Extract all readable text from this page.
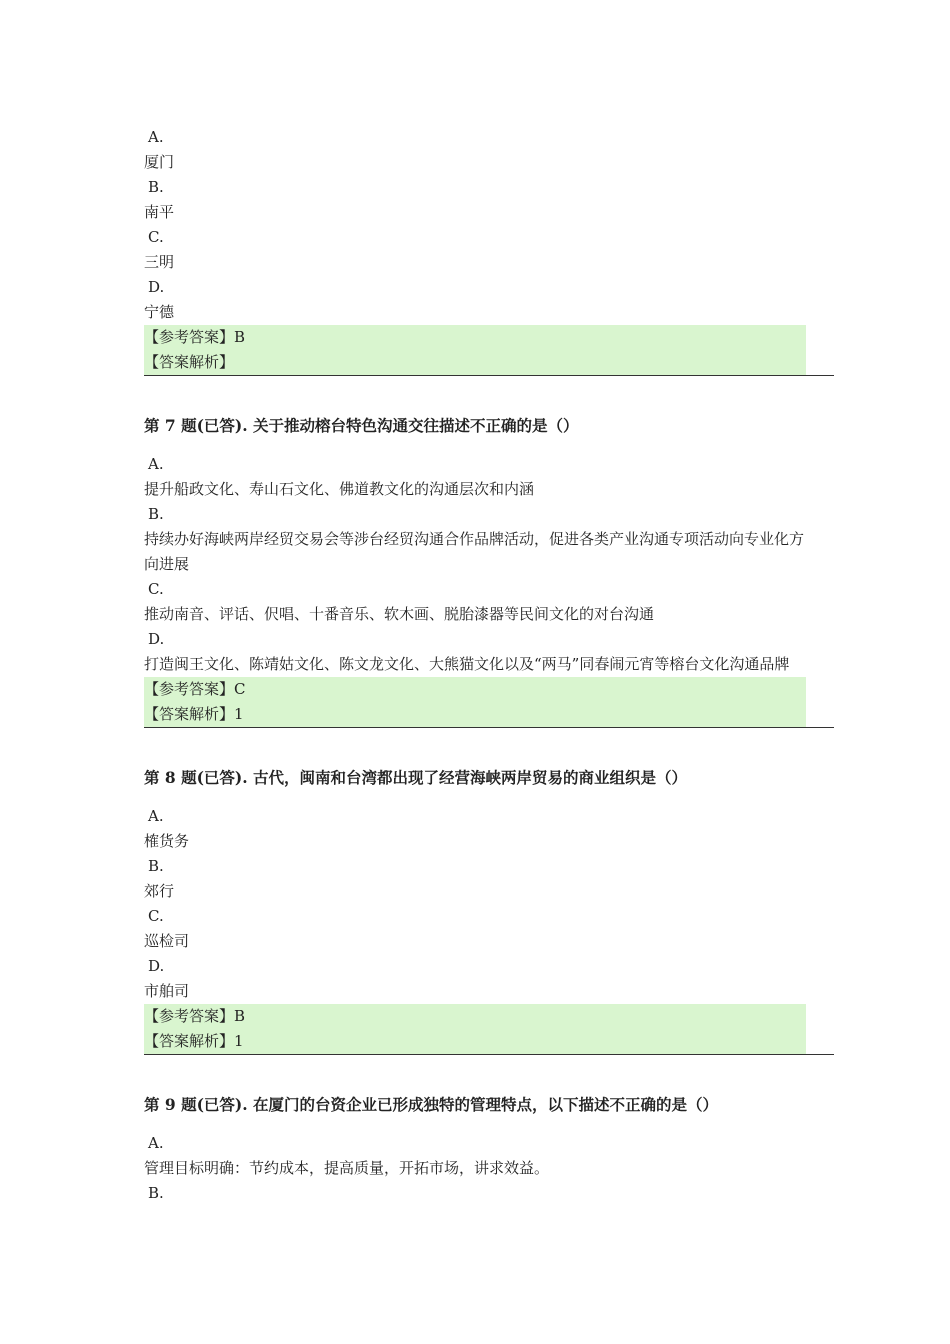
A.
厦门
B.
南平
C.
三明
D.
宁德
【参考答案】B
【答案解析】
第 7 题(已答). 关于推动榕台特色沟通交往描述不正确的是（）
A.
提升船政文化、寿山石文化、佛道教文化的沟通层次和内涵
B.
持续办好海峡两岸经贸交易会等涉台经贸沟通合作品牌活动，促进各类产业沟通专项活动向专业化方向进展
C.
推动南音、评话、伬唱、十番音乐、软木画、脱胎漆器等民间文化的对台沟通
D.
打造闽王文化、陈靖姑文化、陈文龙文化、大熊猫文化以及“两马”同春闹元宵等榕台文化沟通品牌
【参考答案】C
【答案解析】1
第 8 题(已答). 古代，闽南和台湾都出现了经营海峡两岸贸易的商业组织是（）
A.
榷货务
B.
郊行
C.
巡检司
D.
市舶司
【参考答案】B
【答案解析】1
第 9 题(已答). 在厦门的台资企业已形成独特的管理特点，以下描述不正确的是（）
A.
管理目标明确：节约成本，提高质量，开拓市场，讲求效益。
B.
